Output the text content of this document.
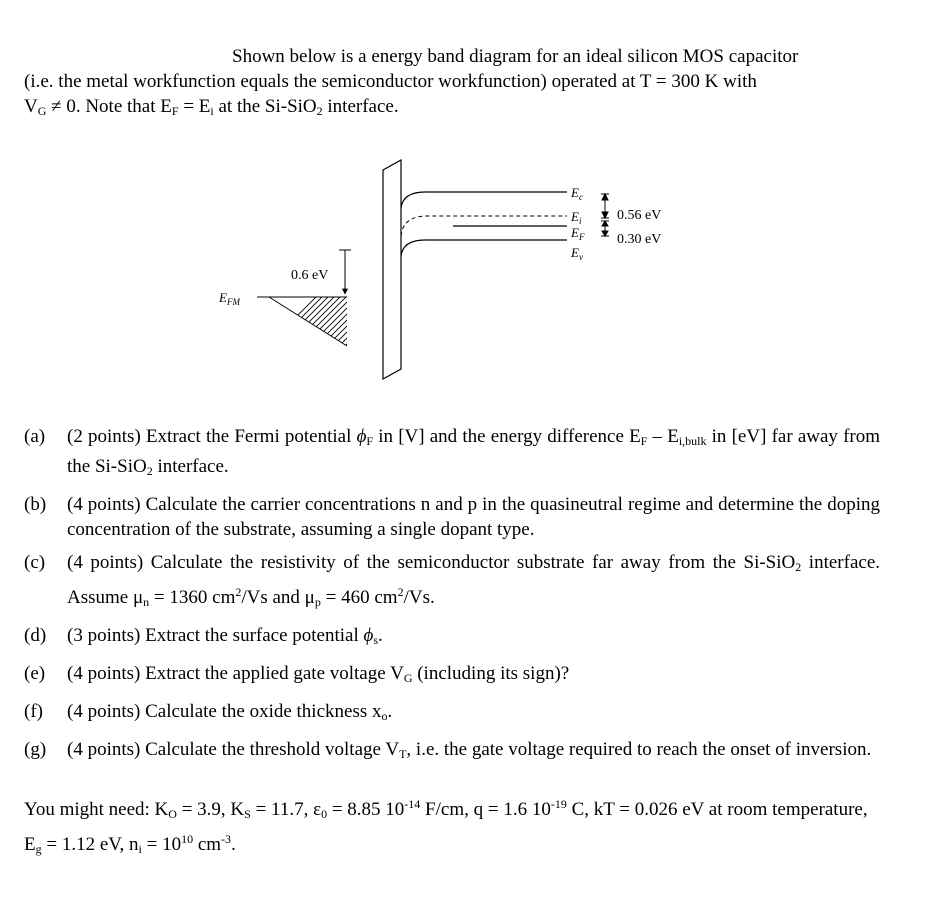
Shown below is a energy band diagram for an ideal silicon MOS capacitor
(i.e. the metal workfunction equals the semiconductor workfunction) operated at T = 300 K with
$V_G \ne 0$. Note that $E_F = E_i$ at the Si-SiO$_2$ interface.
$E_c$
$E_i$
$E_F$
$E_v$
$E_{FM}$
0.56 eV
0.30 eV
0.6 eV
(a)	(2 points) Extract the Fermi potential $\phi_F$ in [V] and the energy difference $E_F - E_{i,bulk}$ in [eV] far away from the Si-SiO$_2$ interface.
(b)	(4 points) Calculate the carrier concentrations n and p in the quasineutral regime and determine the doping concentration of the substrate, assuming a single dopant type.
(c)	(4 points) Calculate the resistivity of the semiconductor substrate far away from the Si-SiO$_2$ interface. Assume $\mu_n = 1360$ $cm^2/Vs$ and $\mu_p = 460$ $cm^2/Vs$.
(d)	(3 points) Extract the surface potential $\phi_s$.
(e)	(4 points) Extract the applied gate voltage $V_G$ (including its sign)?
(f)	(4 points) Calculate the oxide thickness $x_o$.
(g)	(4 points) Calculate the threshold voltage $V_T$, i.e. the gate voltage required to reach the onset of inversion.
You might need: $K_O = 3.9$, $K_S = 11.7$, $\varepsilon_0 = 8.85$ $10^{-14}$ F/cm, q = 1.6 $10^{-19}$ C, kT = 0.026 eV at room temperature, $E_g = 1.12$ eV, $n_i = 10^{10}$ $cm^{-3}$.
